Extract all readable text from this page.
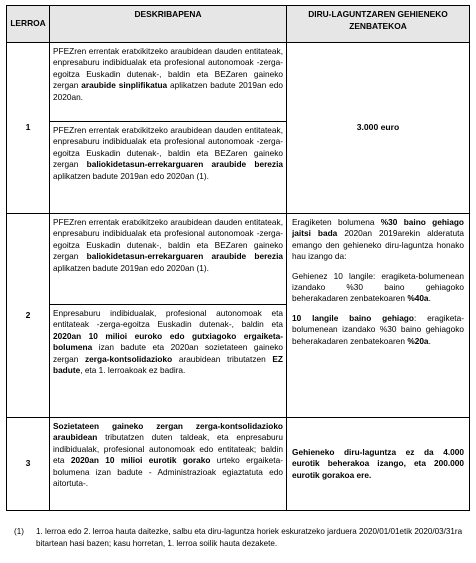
LERROA
DESKRIBAPENA	DIRU-LAGUNTZAREN GEHIENEKO ZENBATEKOA
1

PFEZren errentak eratxikitzeko araubidean dauden entitateak, enpresaburu indibidualak eta profesional autonomoak -zerga-egoitza Euskadin dutenak-, baldin eta BEZaren gaineko zergan araubide sinplifikatua aplikatzen badute 2019an edo 2020an.

PFEZren errentak eratxikitzeko araubidean dauden entitateak, enpresaburu indibidualak eta profesional autonomoak -zerga-egoitza Euskadin dutenak-, baldin eta BEZaren gaineko zergan baliokidetasun-errekarguaren araubide berezia aplikatzen badute 2019an edo 2020an (1).

3.000 euro
2

PFEZren errentak eratxikitzeko araubidean dauden entitateak, enpresaburu indibidualak eta profesional autonomoak -zerga-egoitza Euskadin dutenak-, baldin eta BEZaren gaineko zergan baliokidetasun-errekarguaren araubide berezia aplikatzen badute 2019an edo 2020an (1).

Enpresaburu indibidualak, profesional autonomoak eta entitateak -zerga-egoitza Euskadin dutenak-, baldin eta 2020an 10 milioi euroko edo gutxiagoko ergaiketa-bolumena izan badute eta 2020an sozietateen gaineko zergan zerga-kontsolidazioko araubidean tributatzen EZ badute, eta 1. lerroakoak ez badira.

Eragiketen bolumena %30 baino gehiago jaitsi bada 2020an 2019arekin alderatuta emango den gehieneko diru-laguntza honako hau izango da:

Gehienez 10 langile: eragiketa-bolumenean izandako %30 baino gehiagoko beherakadaren zenbatekoaren %40a.

10 langile baino gehiago: eragiketa-bolumenean izandako %30 baino gehiagoko beherakadaren zenbatekoaren %20a.

3

Sozietateen gaineko zergan zerga-kontsolidazioko araubidean tributatzen duten taldeak, eta enpresaburu indibidualak, profesional autonomoak edo entitateak; baldin eta 2020an 10 milioi eurotik gorako urteko ergaiketa-bolumena izan badute - Administrazioak egiaztatuta edo aitortuta-.

Gehieneko diru-laguntza ez da 4.000 eurotik beherakoa izango, eta 200.000 eurotik gorakoa ere.

(1) 1. lerroa edo 2. lerroa hauta daitezke, salbu eta diru-laguntza horiek eskuratzeko jarduera 2020/01/01etik 2020/03/31ra bitartean hasi bazen; kasu horretan, 1. lerroa soilik hauta dezakete.
